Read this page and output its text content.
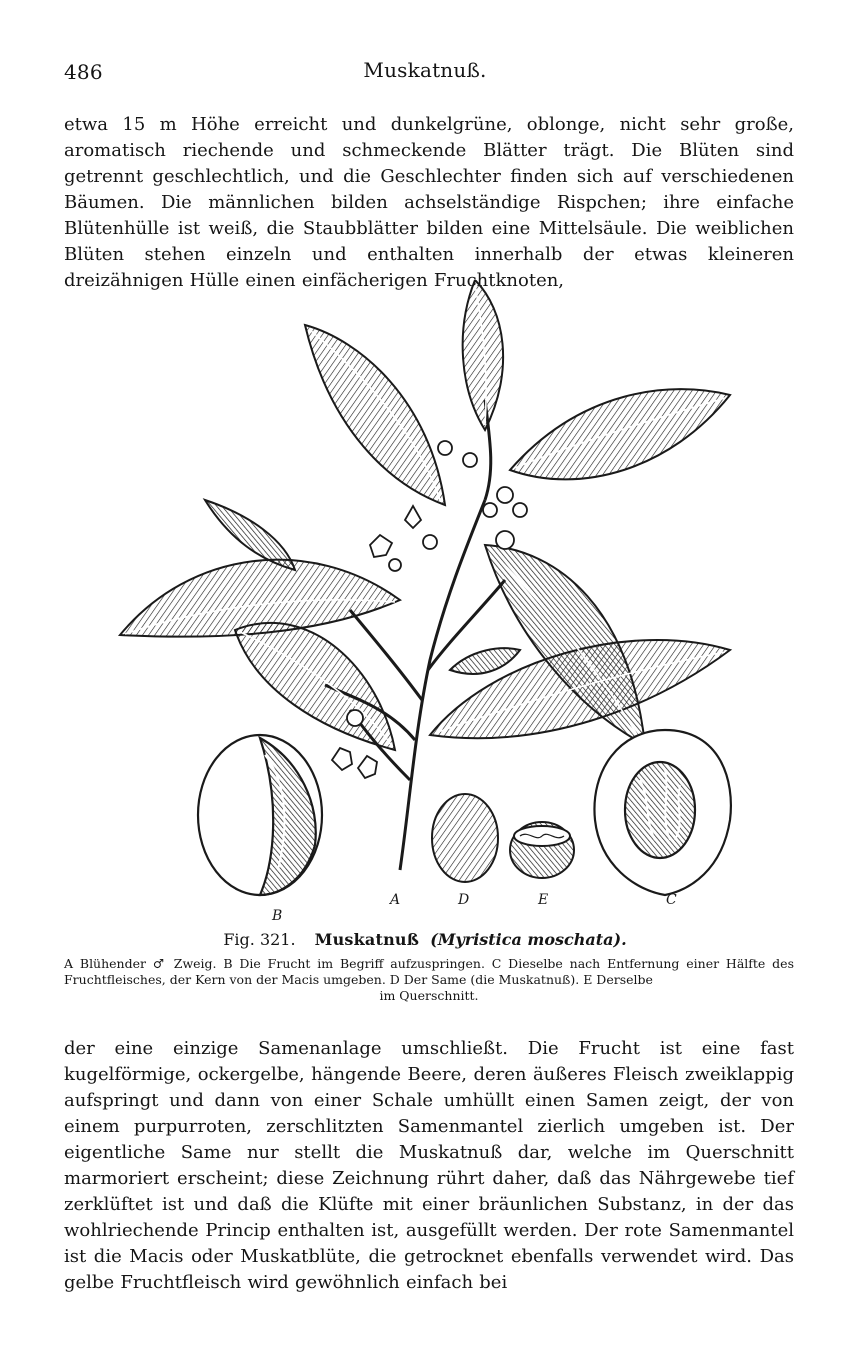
486	Muskatnuß.
etwa 15 m Höhe erreicht und dunkelgrüne, oblonge, nicht sehr große, aromatisch riechende und schmeckende Blätter trägt. Die Blüten sind getrennt geschlechtlich, und die Geschlechter finden sich auf verschiedenen Bäumen. Die männlichen bilden achselständige Rispchen; ihre einfache Blütenhülle ist weiß, die Staubblätter bilden eine Mittelsäule. Die weiblichen Blüten stehen einzeln und enthalten innerhalb der etwas kleineren dreizähnigen Hülle einen einfächerigen Fruchtknoten,
B
A	D	E	C
Fig. 321. Muskatnuß (Myristica moschata).
A Blühender ♂ Zweig. B Die Frucht im Begriff aufzuspringen. C Dieselbe nach Entfernung einer Hälfte des Fruchtfleisches, der Kern von der Macis umgeben. D Der Same (die Muskatnuß). E Derselbe
im Querschnitt.
der eine einzige Samenanlage umschließt. Die Frucht ist eine fast kugelförmige, ockergelbe, hängende Beere, deren äußeres Fleisch zweiklappig aufspringt und dann von einer Schale umhüllt einen Samen zeigt, der von einem purpurroten, zerschlitzten Samenmantel zierlich umgeben ist. Der eigentliche Same nur stellt die Muskatnuß dar, welche im Querschnitt marmoriert erscheint; diese Zeichnung rührt daher, daß das Nährgewebe tief zerklüftet ist und daß die Klüfte mit einer bräunlichen Substanz, in der das wohlriechende Princip enthalten ist, ausgefüllt werden. Der rote Samenmantel ist die Macis oder Muskatblüte, die getrocknet ebenfalls verwendet wird. Das gelbe Fruchtfleisch wird gewöhnlich einfach bei
